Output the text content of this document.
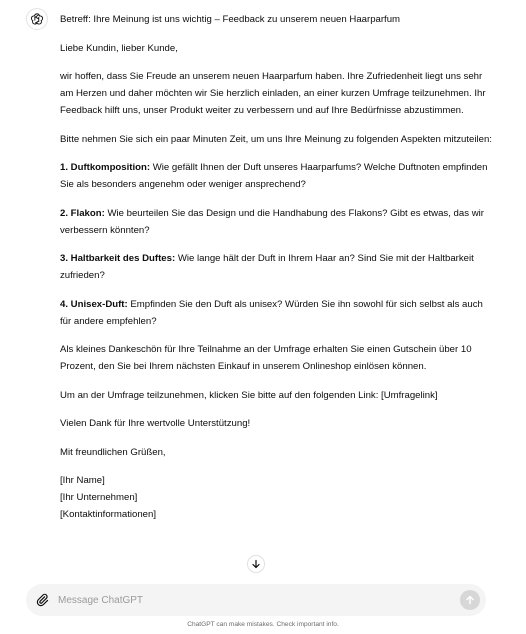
Betreff: Ihre Meinung ist uns wichtig – Feedback zu unserem neuen Haarparfum

Liebe Kundin, lieber Kunde,

wir hoffen, dass Sie Freude an unserem neuen Haarparfum haben. Ihre Zufriedenheit liegt uns sehr am Herzen und daher möchten wir Sie herzlich einladen, an einer kurzen Umfrage teilzunehmen. Ihr Feedback hilft uns, unser Produkt weiter zu verbessern und auf Ihre Bedürfnisse abzustimmen.

Bitte nehmen Sie sich ein paar Minuten Zeit, um uns Ihre Meinung zu folgenden Aspekten mitzuteilen:

1. Duftkomposition: Wie gefällt Ihnen der Duft unseres Haarparfums? Welche Duftnoten empfinden Sie als besonders angenehm oder weniger ansprechend?

2. Flakon: Wie beurteilen Sie das Design und die Handhabung des Flakons? Gibt es etwas, das wir verbessern könnten?

3. Haltbarkeit des Duftes: Wie lange hält der Duft in Ihrem Haar an? Sind Sie mit der Haltbarkeit zufrieden?

4. Unisex-Duft: Empfinden Sie den Duft als unisex? Würden Sie ihn sowohl für sich selbst als auch für andere empfehlen?

Als kleines Dankeschön für Ihre Teilnahme an der Umfrage erhalten Sie einen Gutschein über 10 Prozent, den Sie bei Ihrem nächsten Einkauf in unserem Onlineshop einlösen können.

Um an der Umfrage teilzunehmen, klicken Sie bitte auf den folgenden Link: [Umfragelink]

Vielen Dank für Ihre wertvolle Unterstützung!

Mit freundlichen Grüßen,

[Ihr Name]

[Ihr Unternehmen]

[Kontaktinformationen]

Message ChatGPT
ChatGPT can make mistakes. Check important info.
